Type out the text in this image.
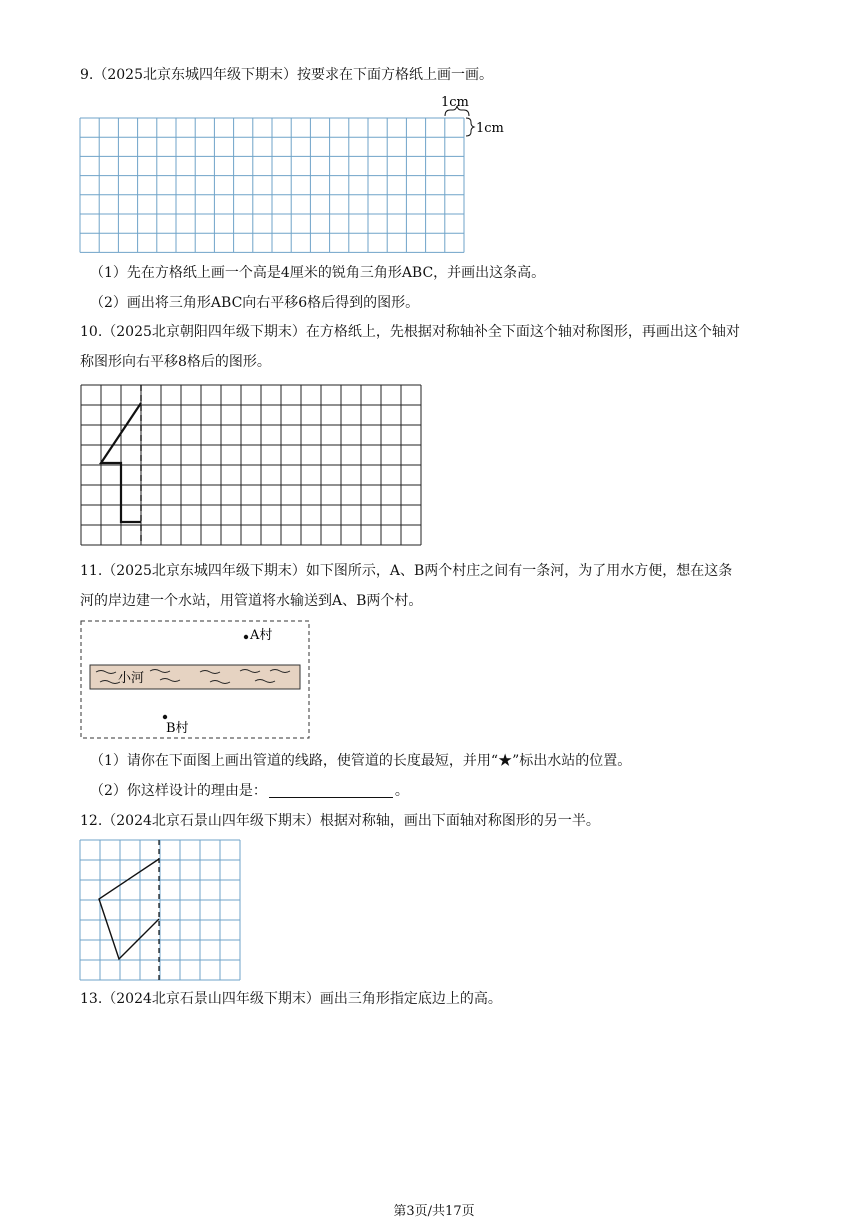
9.（2025北京东城四年级下期末）按要求在下面方格纸上画一画。
1cm
1cm
（1）先在方格纸上画一个高是4厘米的锐角三角形ABC，并画出这条高。
（2）画出将三角形ABC向右平移6格后得到的图形。
10.（2025北京朝阳四年级下期末）在方格纸上，先根据对称轴补全下面这个轴对称图形，再画出这个轴对
称图形向右平移8格后的图形。
11.（2025北京东城四年级下期末）如下图所示，A、B两个村庄之间有一条河，为了用水方便，想在这条
河的岸边建一个水站，用管道将水输送到A、B两个村。
小河
A村
B村
（1）请你在下面图上画出管道的线路，使管道的长度最短，并用“★”标出水站的位置。
（2）你这样设计的理由是：	。
12.（2024北京石景山四年级下期末）根据对称轴，画出下面轴对称图形的另一半。
13.（2024北京石景山四年级下期末）画出三角形指定底边上的高。
第3页/共17页
